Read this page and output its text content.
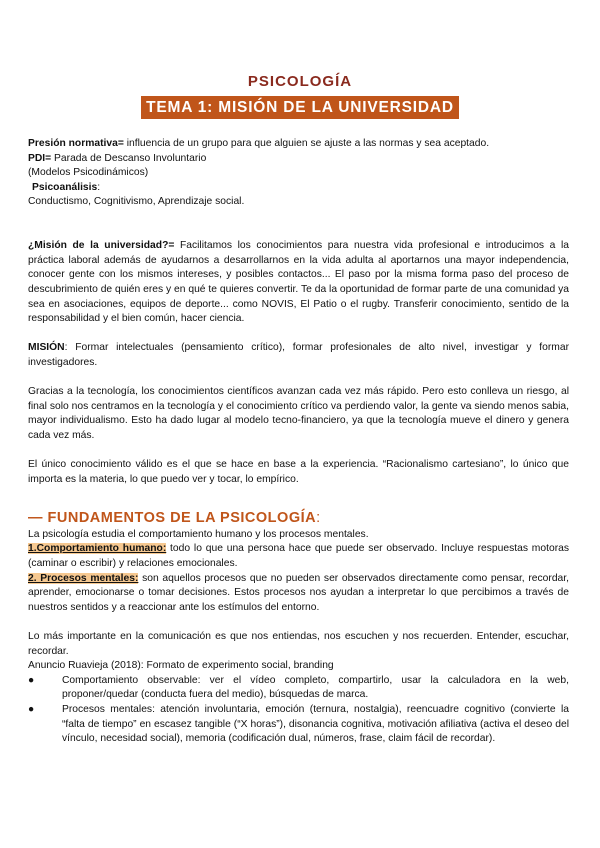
PSICOLOGÍA
TEMA 1: MISIÓN DE LA UNIVERSIDAD

Presión normativa= influencia de un grupo para que alguien se ajuste a las normas y sea aceptado.

PDI= Parada de Descanso Involuntario

(Modelos Psicodinámicos)

Psicoanálisis:

Conductismo, Cognitivismo, Aprendizaje social.

¿Misión de la universidad?= Facilitamos los conocimientos para nuestra vida profesional e introducimos a la práctica laboral además de ayudarnos a desarrollarnos en la vida adulta al aportarnos una mayor independencia, conocer gente con los mismos intereses, y posibles contactos... El paso por la misma forma paso del proceso de descubrimiento de quién eres y en qué te quieres convertir. Te da la oportunidad de formar parte de una comunidad ya sea en asociaciones, equipos de deporte... como NOVIS, El Patio o el rugby. Transferir conocimiento, sentido de la responsabilidad y el bien común, hacer ciencia.

MISIÓN: Formar intelectuales (pensamiento crítico), formar profesionales de alto nivel, investigar y formar investigadores.

Gracias a la tecnología, los conocimientos científicos avanzan cada vez más rápido. Pero esto conlleva un riesgo, al final solo nos centramos en la tecnología y el conocimiento crítico va perdiendo valor, la gente va siendo menos sabia, mayor individualismo. Esto ha dado lugar al modelo tecno-financiero, ya que la tecnología mueve el dinero y genera cada vez más.

El único conocimiento válido es el que se hace en base a la experiencia. “Racionalismo cartesiano”, lo único que importa es la materia, lo que puedo ver y tocar, lo empírico.

— FUNDAMENTOS DE LA PSICOLOGÍA:

La psicología estudia el comportamiento humano y los procesos mentales.

1.Comportamiento humano: todo lo que una persona hace que puede ser observado. Incluye respuestas motoras (caminar o escribir) y relaciones emocionales.

2. Procesos mentales: son aquellos procesos que no pueden ser observados directamente como pensar, recordar, aprender, emocionarse o tomar decisiones. Estos procesos nos ayudan a interpretar lo que percibimos a través de nuestros sentidos y a reaccionar ante los estímulos del entorno.

Lo más importante en la comunicación es que nos entiendas, nos escuchen y nos recuerden. Entender, escuchar, recordar.

Anuncio Ruavieja (2018): Formato de experimento social, branding

●	Comportamiento observable: ver el vídeo completo, compartirlo, usar la calculadora en la web, proponer/quedar (conducta fuera del medio), búsquedas de marca.
●	Procesos mentales: atención involuntaria, emoción (ternura, nostalgia), reencuadre cognitivo (convierte la “falta de tiempo” en escasez tangible (“X horas”), disonancia cognitiva, motivación afiliativa (activa el deseo del vínculo, necesidad social), memoria (codificación dual, números, frase, claim fácil de recordar).
